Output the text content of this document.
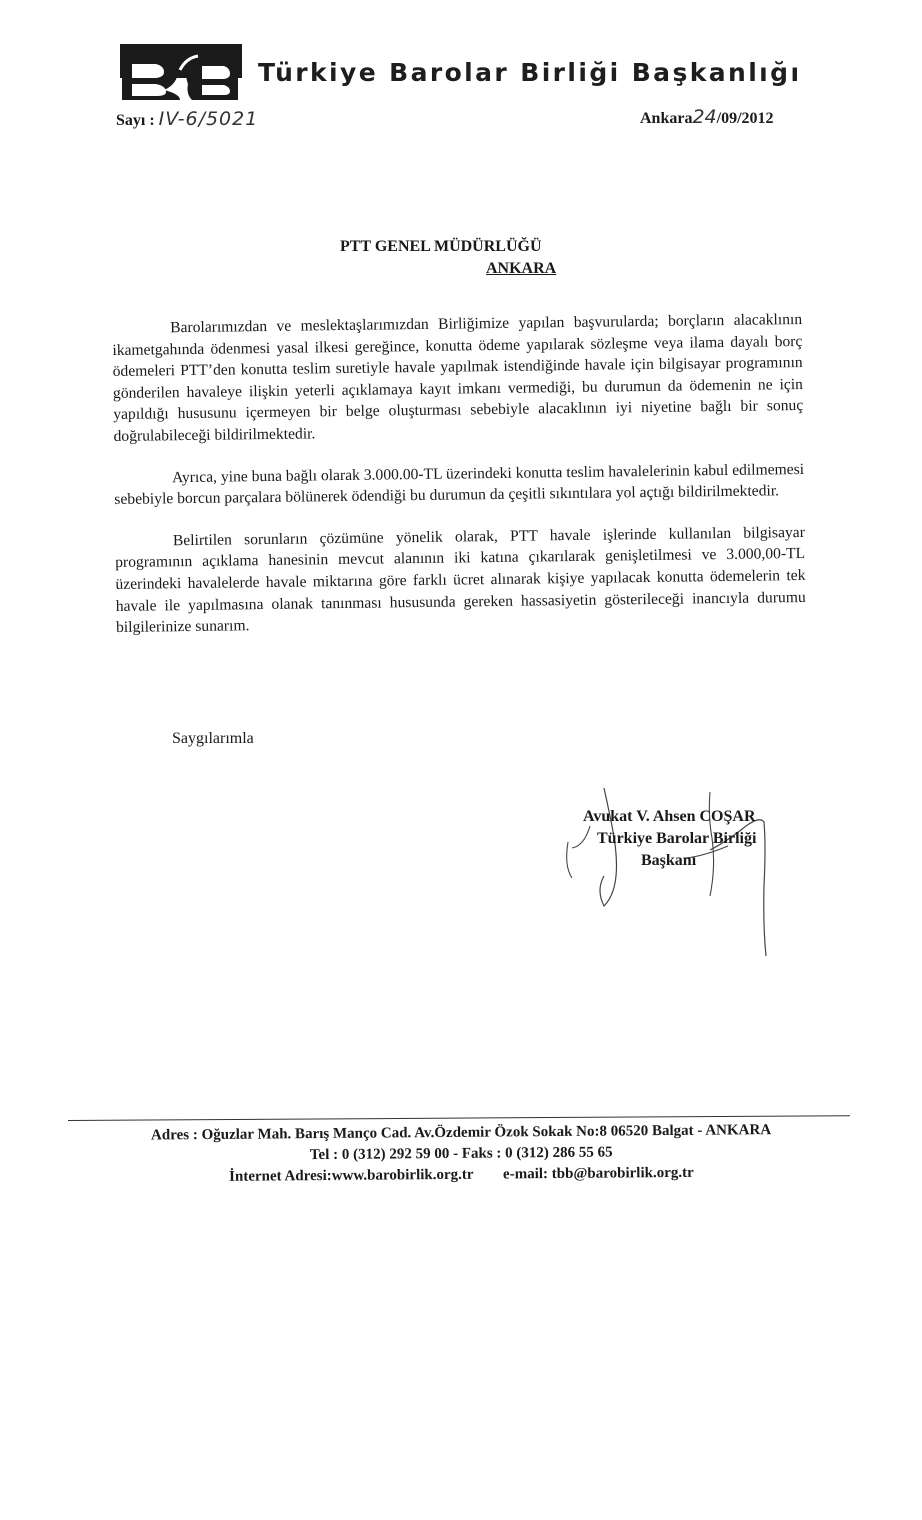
Türkiye Barolar Birliği Başkanlığı
Sayı : IV-6/5021	Ankara24/09/2012
PTT GENEL MÜDÜRLÜĞÜ
ANKARA

Barolarımızdan ve meslektaşlarımızdan Birliğimize yapılan başvurularda; borçların alacaklının ikametgahında ödenmesi yasal ilkesi gereğince, konutta ödeme yapılarak sözleşme veya ilama dayalı borç ödemeleri PTT’den konutta teslim suretiyle havale yapılmak istendiğinde havale için bilgisayar programının gönderilen havaleye ilişkin yeterli açıklamaya kayıt imkanı vermediği, bu durumun da ödemenin ne için yapıldığı hususunu içermeyen bir belge oluşturması sebebiyle alacaklının iyi niyetine bağlı bir sonuç doğrulabileceği bildirilmektedir.

Ayrıca, yine buna bağlı olarak 3.000.00-TL üzerindeki konutta teslim havalelerinin kabul edilmemesi sebebiyle borcun parçalara bölünerek ödendiği bu durumun da çeşitli sıkıntılara yol açtığı bildirilmektedir.

Belirtilen sorunların çözümüne yönelik olarak, PTT havale işlerinde kullanılan bilgisayar programının açıklama hanesinin mevcut alanının iki katına çıkarılarak genişletilmesi ve 3.000,00-TL üzerindeki havalelerde havale miktarına göre farklı ücret alınarak kişiye yapılacak konutta ödemelerin tek havale ile yapılmasına olanak tanınması hususunda gereken hassasiyetin gösterileceği inancıyla durumu bilgilerinize sunarım.

Saygılarımla
Avukat V. Ahsen COŞAR
Türkiye Barolar Birliği
Başkanı
Adres : Oğuzlar Mah. Barış Manço Cad. Av.Özdemir Özok Sokak No:8 06520 Balgat - ANKARA
Tel : 0 (312) 292 59 00 - Faks : 0 (312) 286 55 65
İnternet Adresi:www.barobirlik.org.tr e-mail: tbb@barobirlik.org.tr
